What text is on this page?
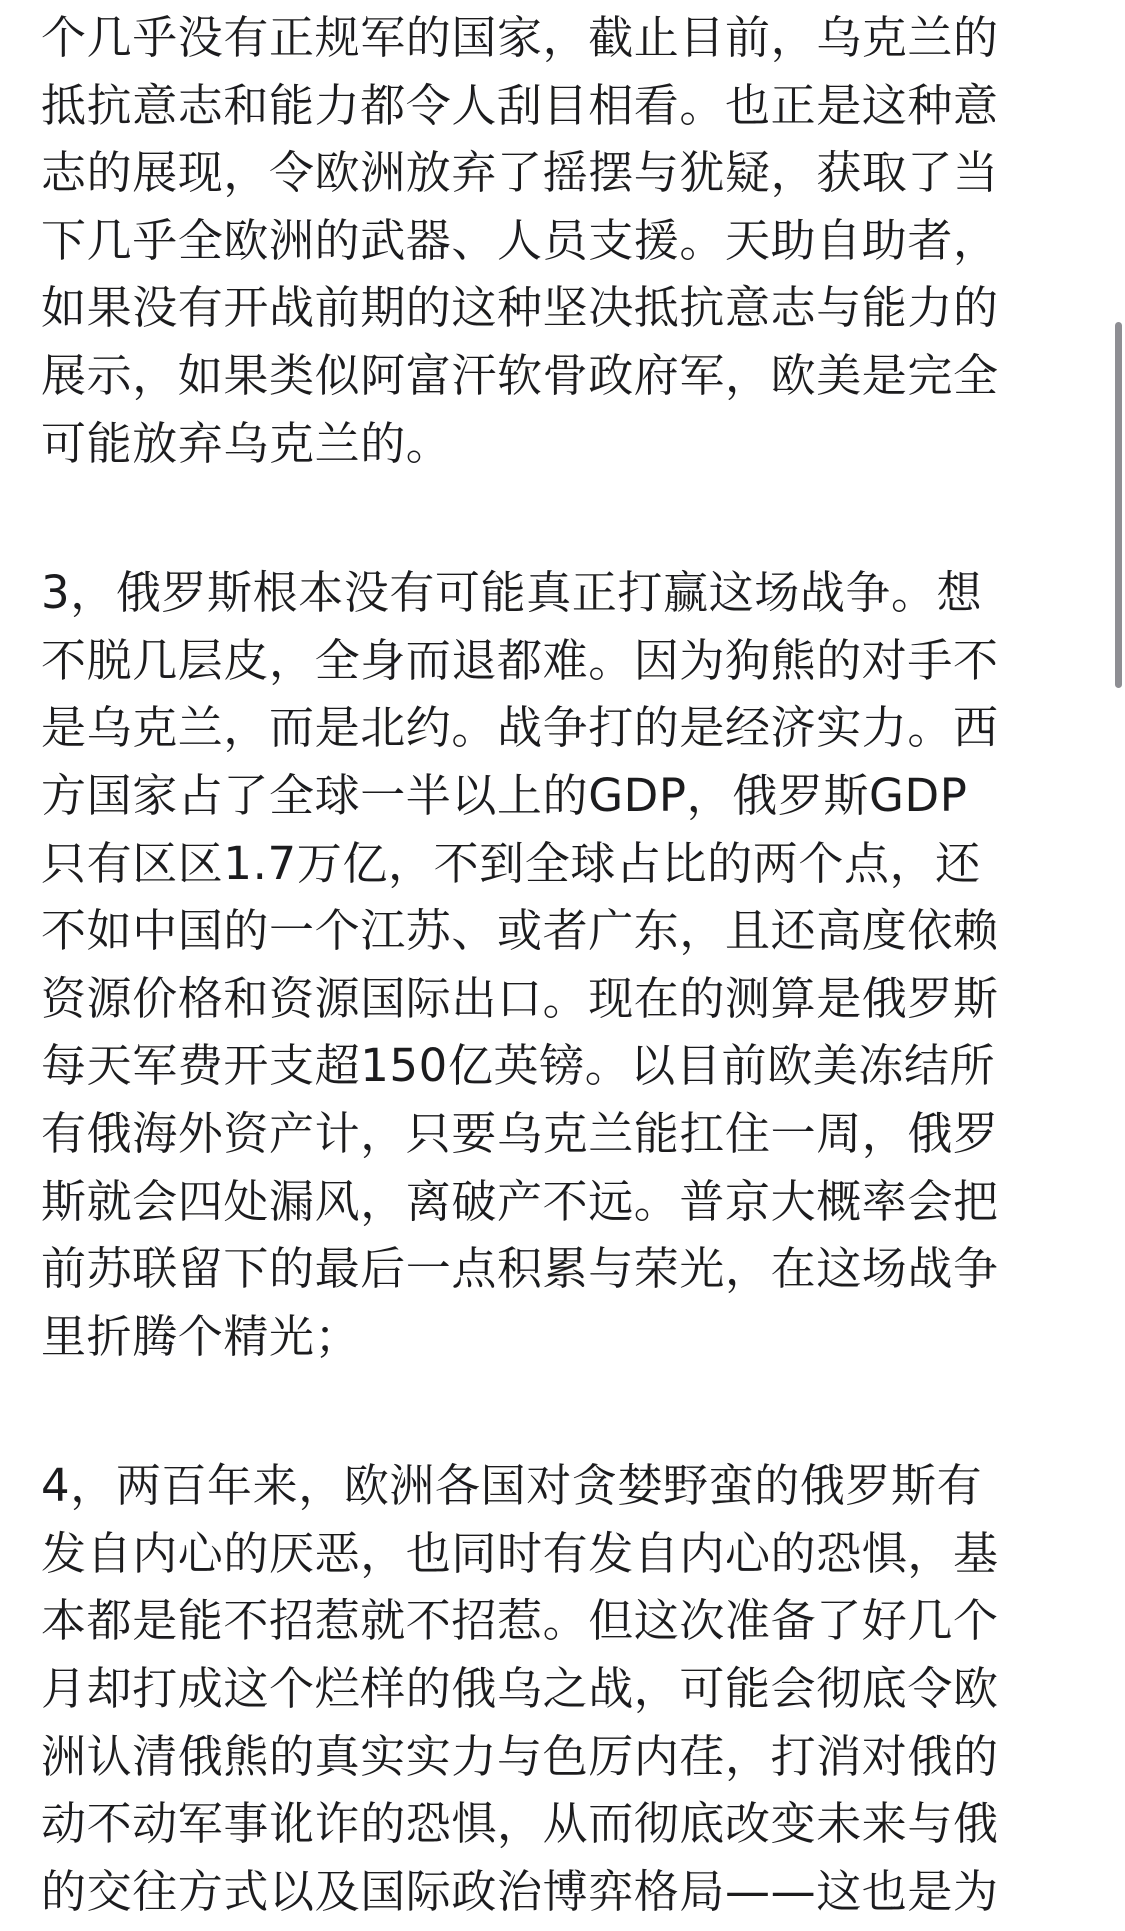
个几乎没有正规军的国家，截止目前，乌克兰的
抵抗意志和能力都令人刮目相看。也正是这种意
志的展现，令欧洲放弃了摇摆与犹疑，获取了当
下几乎全欧洲的武器、人员支援。天助自助者，
如果没有开战前期的这种坚决抵抗意志与能力的
展示，如果类似阿富汗软骨政府军，欧美是完全
可能放弃乌克兰的。
3，俄罗斯根本没有可能真正打赢这场战争。想
不脱几层皮，全身而退都难。因为狗熊的对手不
是乌克兰，而是北约。战争打的是经济实力。西
方国家占了全球一半以上的GDP，俄罗斯GDP
只有区区1.7万亿，不到全球占比的两个点，还
不如中国的一个江苏、或者广东，且还高度依赖
资源价格和资源国际出口。现在的测算是俄罗斯
每天军费开支超150亿英镑。以目前欧美冻结所
有俄海外资产计，只要乌克兰能扛住一周，俄罗
斯就会四处漏风，离破产不远。普京大概率会把
前苏联留下的最后一点积累与荣光，在这场战争
里折腾个精光；
4，两百年来，欧洲各国对贪婪野蛮的俄罗斯有
发自内心的厌恶，也同时有发自内心的恐惧，基
本都是能不招惹就不招惹。但这次准备了好几个
月却打成这个烂样的俄乌之战，可能会彻底令欧
洲认清俄熊的真实实力与色厉内荏，打消对俄的
动不动军事讹诈的恐惧，从而彻底改变未来与俄
的交往方式以及国际政治博弈格局——这也是为
